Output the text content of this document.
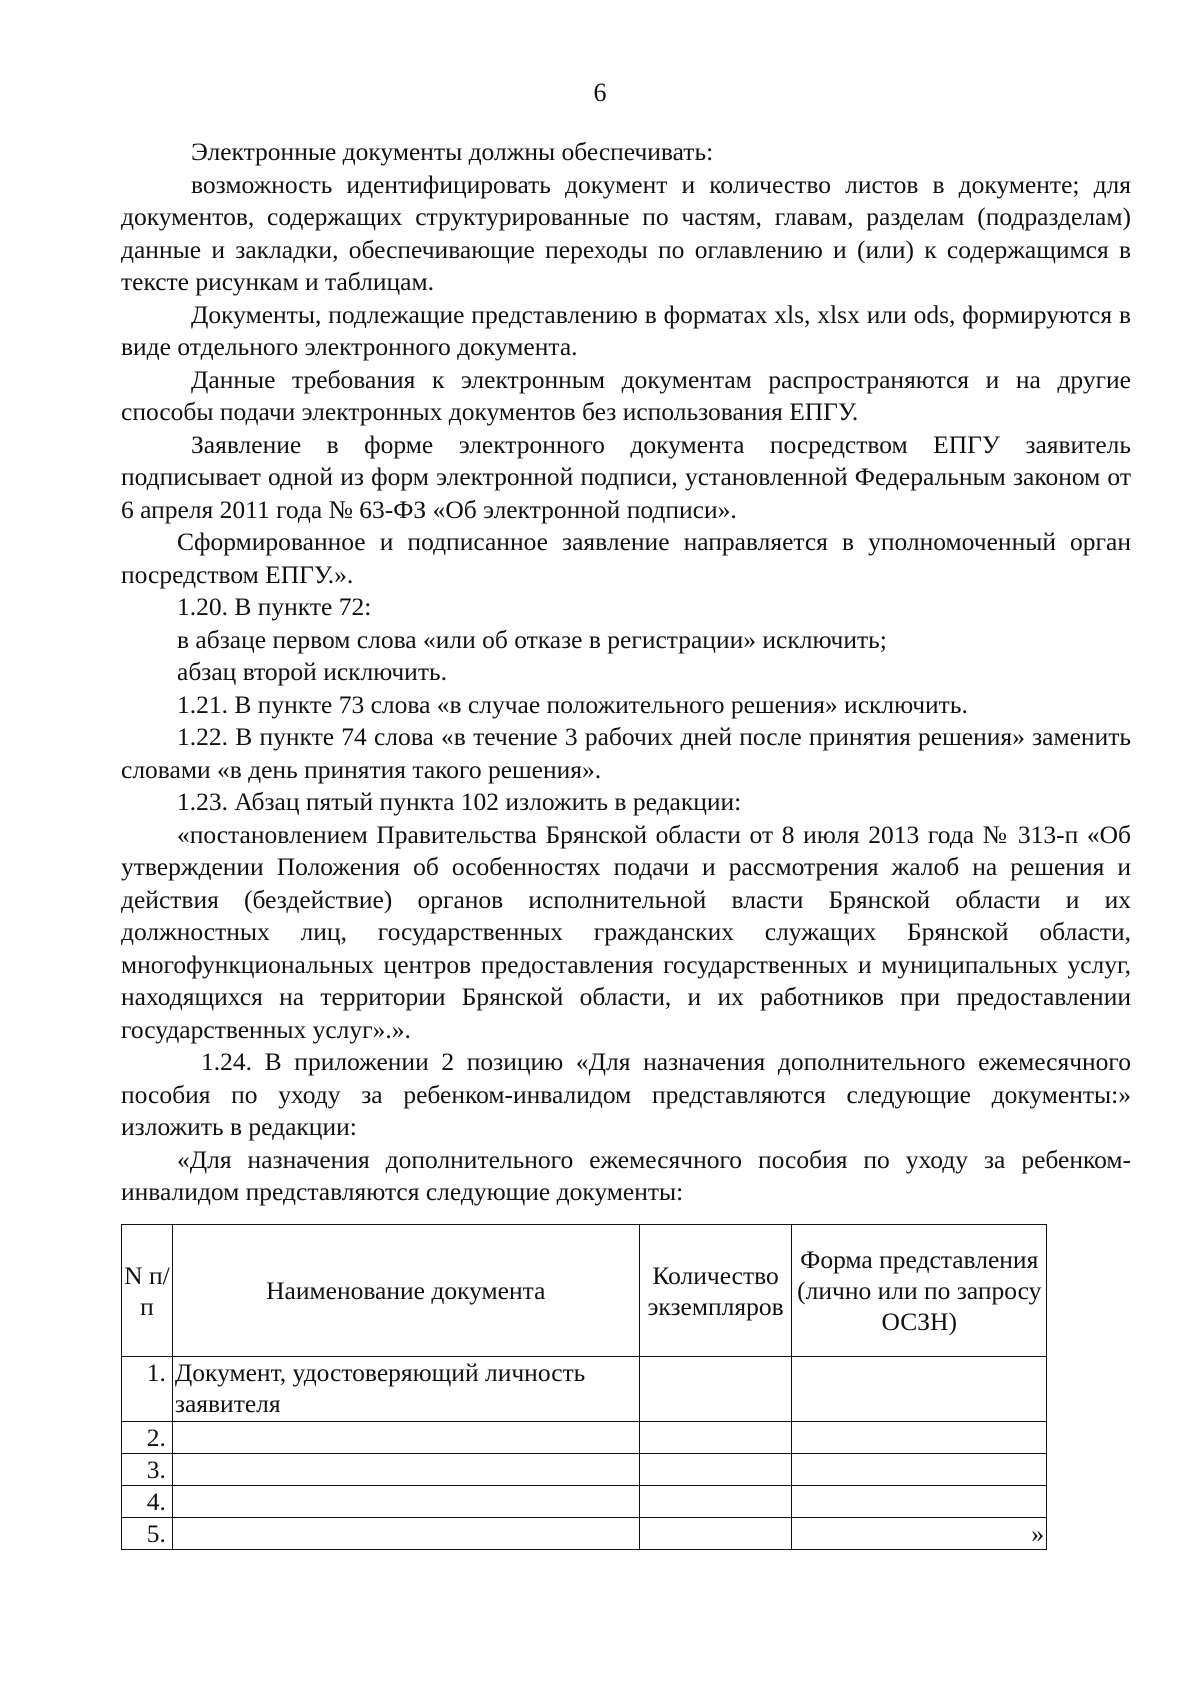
6

Электронные документы должны обеспечивать:

возможность идентифицировать документ и количество листов в документе; для документов, содержащих структурированные по частям, главам, разделам (подразделам) данные и закладки, обеспечивающие переходы по оглавлению и (или) к содержащимся в тексте рисункам и таблицам.

Документы, подлежащие представлению в форматах xls, xlsx или ods, формируются в виде отдельного электронного документа.

Данные требования к электронным документам распространяются и на другие способы подачи электронных документов без использования ЕПГУ.

Заявление в форме электронного документа посредством ЕПГУ заявитель подписывает одной из форм электронной подписи, установленной Федеральным законом от 6 апреля 2011 года № 63-ФЗ «Об электронной подписи».

Сформированное и подписанное заявление направляется в уполномоченный орган посредством ЕПГУ.».

1.20. В пункте 72:

в абзаце первом слова «или об отказе в регистрации» исключить;

абзац второй исключить.

1.21. В пункте 73 слова «в случае положительного решения» исключить.

1.22. В пункте 74 слова «в течение 3 рабочих дней после принятия решения» заменить словами «в день принятия такого решения».

1.23. Абзац пятый пункта 102 изложить в редакции:

«постановлением Правительства Брянской области от 8 июля 2013 года № 313-п «Об утверждении Положения об особенностях подачи и рассмотрения жалоб на решения и действия (бездействие) органов исполнительной власти Брянской области и их должностных лиц, государственных гражданских служащих Брянской области, многофункциональных центров предоставления государственных и муниципальных услуг, находящихся на территории Брянской области, и их работников при предоставлении государственных услуг».».

1.24. В приложении 2 позицию «Для назначения дополнительного ежемесячного пособия по уходу за ребенком-инвалидом представляются следующие документы:» изложить в редакции:

«Для назначения дополнительного ежемесячного пособия по уходу за ребенком-инвалидом представляются следующие документы:

N п/п	Наименование документа	Количество экземпляров	Форма представления (лично или по запросу ОСЗН)
1.	Документ, удостоверяющий личность заявителя		
2.			
3.			
4.			
5.			»
